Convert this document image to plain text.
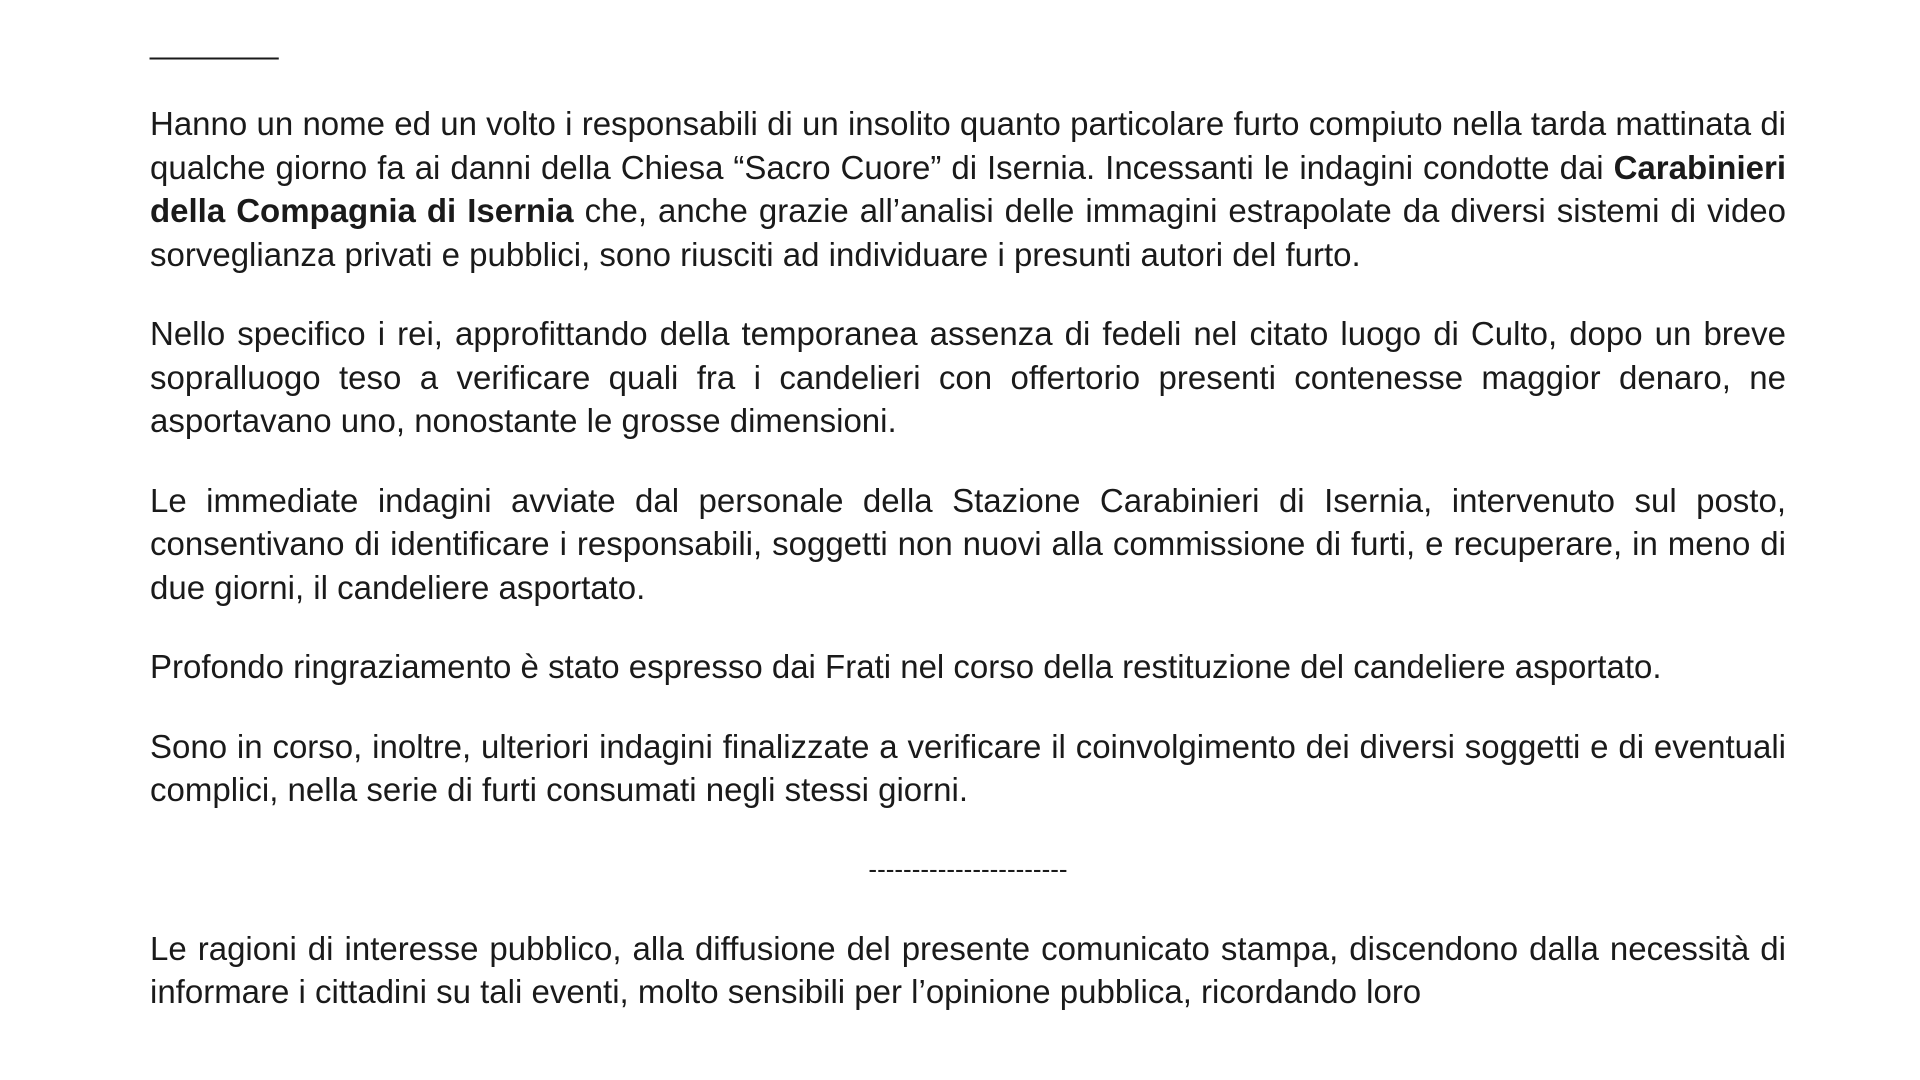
________

Hanno un nome ed un volto i responsabili di un insolito quanto particolare furto compiuto nella tarda mattinata di qualche giorno fa ai danni della Chiesa “Sacro Cuore” di Isernia. Incessanti le indagini condotte dai Carabinieri della Compagnia di Isernia che, anche grazie all’analisi delle immagini estrapolate da diversi sistemi di video sorveglianza privati e pubblici, sono riusciti ad individuare i presunti autori del furto.

Nello specifico i rei, approfittando della temporanea assenza di fedeli nel citato luogo di Culto, dopo un breve sopralluogo teso a verificare quali fra i candelieri con offertorio presenti contenesse maggior denaro, ne asportavano uno, nonostante le grosse dimensioni.

Le immediate indagini avviate dal personale della Stazione Carabinieri di Isernia, intervenuto sul posto, consentivano di identificare i responsabili, soggetti non nuovi alla commissione di furti, e recuperare, in meno di due giorni, il candeliere asportato.

Profondo ringraziamento è stato espresso dai Frati nel corso della restituzione del candeliere asportato.

Sono in corso, inoltre, ulteriori indagini finalizzate a verificare il coinvolgimento dei diversi soggetti e di eventuali complici, nella serie di furti consumati negli stessi giorni.

-----------------------

Le ragioni di interesse pubblico, alla diffusione del presente comunicato stampa, discendono dalla necessità di informare i cittadini su tali eventi, molto sensibili per l’opinione pubblica, ricordando loro
